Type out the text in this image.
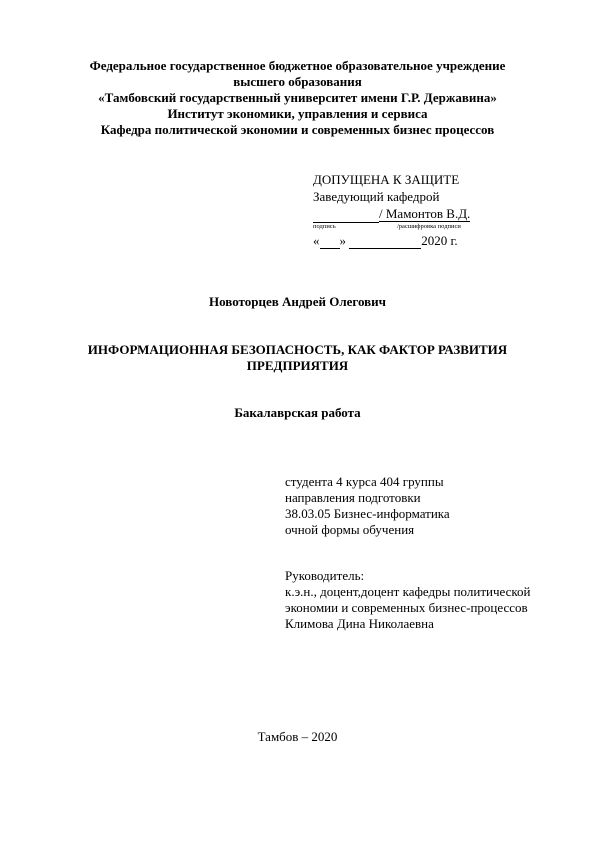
Федеральное государственное бюджетное образовательное учреждение
высшего образования
«Тамбовский государственный университет имени Г.Р. Державина»
Институт экономики, управления и сервиса
Кафедра политической экономии и современных бизнес процессов
ДОПУЩЕНА К ЗАЩИТЕ
Заведующий кафедрой
/ Мамонтов В.Д.
подпись	/расшифровка подписи
« »	2020 г.
Новоторцев Андрей Олегович
ИНФОРМАЦИОННАЯ БЕЗОПАСНОСТЬ, КАК ФАКТОР РАЗВИТИЯ
ПРЕДПРИЯТИЯ
Бакалаврская работа
студента 4 курса 404 группы
направления подготовки
38.03.05 Бизнес-информатика
очной формы обучения
Руководитель:
к.э.н., доцент,доцент кафедры политической
экономии и современных бизнес-процессов
Климова Дина Николаевна
Тамбов – 2020
